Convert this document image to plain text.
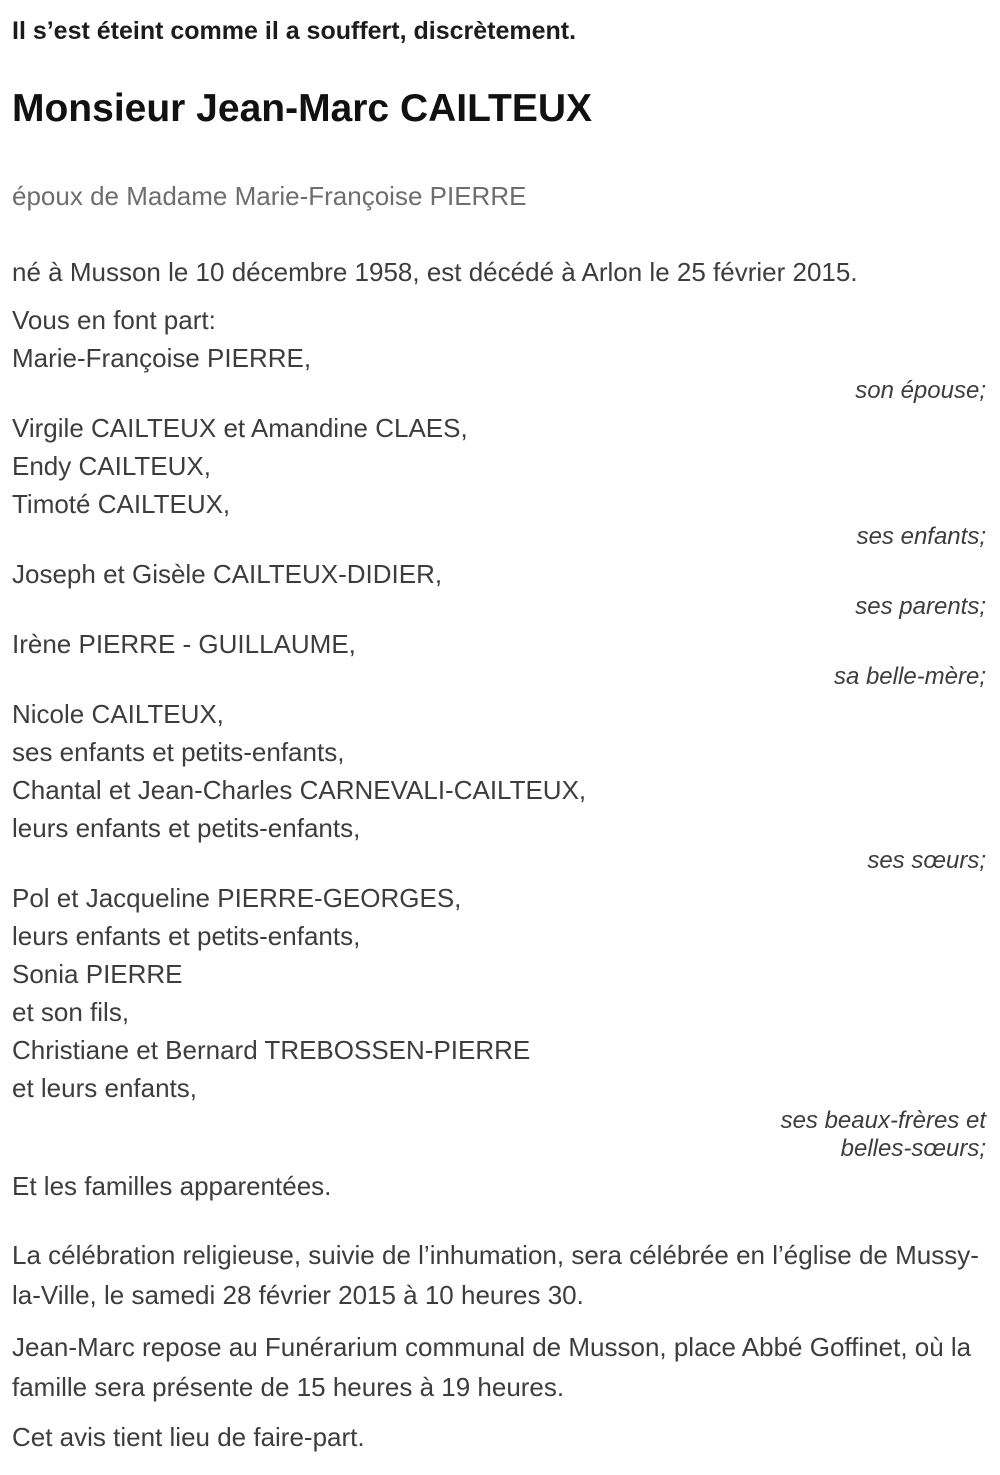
Il s’est éteint comme il a souffert, discrètement.

Monsieur Jean-Marc CAILTEUX

époux de Madame Marie-Françoise PIERRE

né à Musson le 10 décembre 1958, est décédé à Arlon le 25 février 2015.

Vous en font part:

Marie-Françoise PIERRE,

son épouse;

Virgile CAILTEUX et Amandine CLAES,

Endy CAILTEUX,

Timoté CAILTEUX,

ses enfants;

Joseph et Gisèle CAILTEUX-DIDIER,

ses parents;

Irène PIERRE - GUILLAUME,

sa belle-mère;

Nicole CAILTEUX,

ses enfants et petits-enfants,

Chantal et Jean-Charles CARNEVALI-CAILTEUX,

leurs enfants et petits-enfants,

ses sœurs;

Pol et Jacqueline PIERRE-GEORGES,

leurs enfants et petits-enfants,

Sonia PIERRE

et son fils,

Christiane et Bernard TREBOSSEN-PIERRE

et leurs enfants,

ses beaux-frères et
belles-sœurs;

Et les familles apparentées.

La célébration religieuse, suivie de l’inhumation, sera célébrée en l’église de Mussy-la-Ville, le samedi 28 février 2015 à 10 heures 30.

Jean-Marc repose au Funérarium communal de Musson, place Abbé Goffinet, où la famille sera présente de 15 heures à 19 heures.

Cet avis tient lieu de faire-part.
